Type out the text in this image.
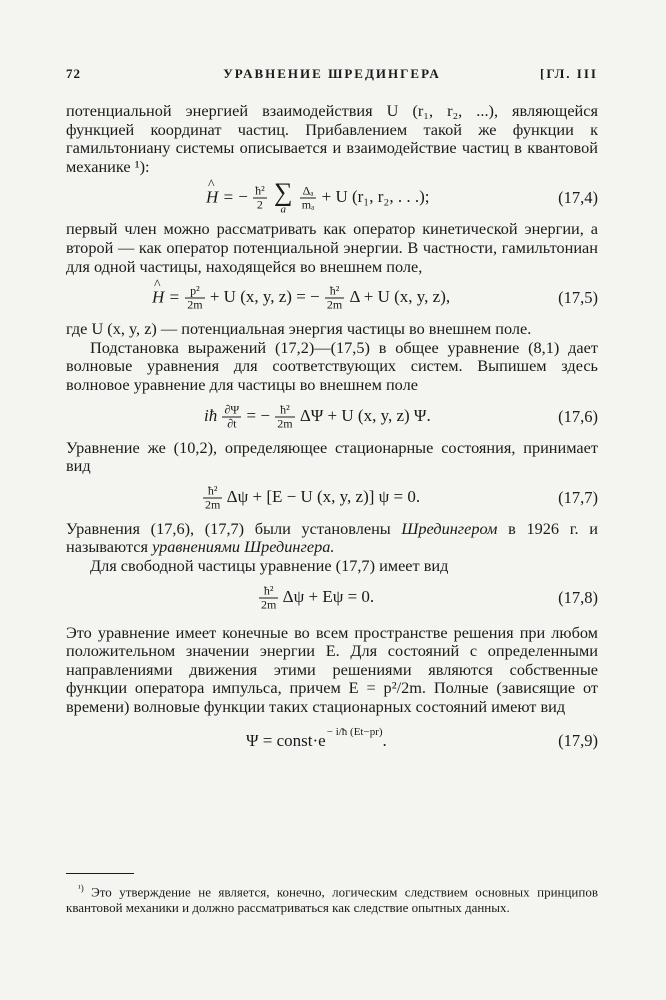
72	УРАВНЕНИЕ ШРЕДИНГЕРА	[ГЛ. III

потенциальной энергией взаимодействия U (r₁, r₂, ...), являющейся функцией координат частиц. Прибавлением такой же функции к гамильтониану системы описывается и взаимодействие частиц в квантовой механике ¹):

^ H = − $\frac{\text{ħ²}}{2}$ ∑
a
	$\frac{\text{Δₐ}}{\text{mₐ}} + U$ (r₁, r₂, . . .);	(17,4)

первый член можно рассматривать как оператор кинетической энергии, а второй — как оператор потенциальной энергии. В частности, гамильтониан для одной частицы, находящейся во внешнем поле,

^ $H = \frac{\text{p²}}{2m} + U$ (x, y, z) = − $\frac{\text{ħ²}}{2m}$ Δ + U (x, y, z),	(17,5)

где U (x, y, z) — потенциальная энергия частицы во внешнем поле.

Подстановка выражений (17,2)—(17,5) в общее уравнение (8,1) дает волновые уравнения для соответствующих систем. Выпишем здесь волновое уравнение для частицы во внешнем поле

iħ $\frac{\partial\Psi}{\partial t}$ = − $\frac{\text{ħ²}}{2m}$ ΔΨ + U (x, y, z) Ψ.	(17,6)

Уравнение же (10,2), определяющее стационарные состояния, принимает вид

$\frac{\text{ħ²}}{2m}$ Δψ + [E − U (x, y, z)] ψ = 0.	(17,7)

Уравнения (17,6), (17,7) были установлены Шредингером в 1926 г. и называются уравнениями Шредингера.

Для свободной частицы уравнение (17,7) имеет вид

$\frac{\text{ħ²}}{2m}$ Δψ + Eψ = 0.	(17,8)

Это уравнение имеет конечные во всем пространстве решения при любом положительном значении энергии E. Для состояний с определенными направлениями движения этими решениями являются собственные функции оператора импульса, причем E = p²/2m. Полные (зависящие от времени) волновые функции таких стационарных состояний имеют вид

$\Psi = const\cdot e^{- i/ħ (Et-pr)}$.	(17,9)
$^{^1)}$ Это утверждение не является, конечно, логическим следствием основных принципов квантовой механики и должно рассматриваться как следствие опытных данных.
